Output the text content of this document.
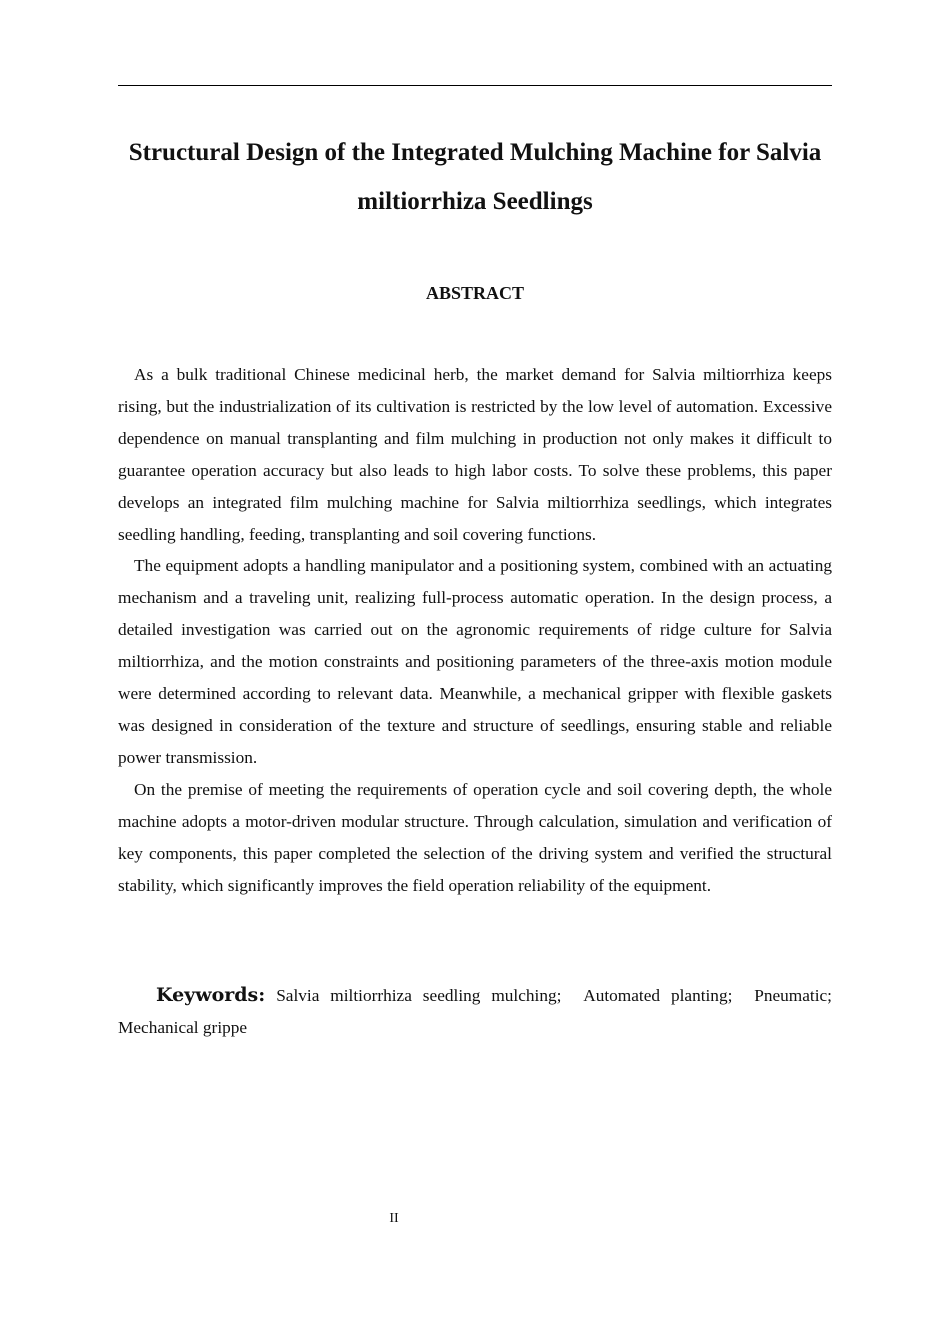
Structural Design of the Integrated Mulching Machine for Salvia miltiorrhiza Seedlings
ABSTRACT

As a bulk traditional Chinese medicinal herb, the market demand for Salvia miltiorrhiza keeps rising, but the industrialization of its cultivation is restricted by the low level of automation. Excessive dependence on manual transplanting and film mulching in production not only makes it difficult to guarantee operation accuracy but also leads to high labor costs. To solve these problems, this paper develops an integrated film mulching machine for Salvia miltiorrhiza seedlings, which integrates seedling handling, feeding, transplanting and soil covering functions.

The equipment adopts a handling manipulator and a positioning system, combined with an actuating mechanism and a traveling unit, realizing full-process automatic operation. In the design process, a detailed investigation was carried out on the agronomic requirements of ridge culture for Salvia miltiorrhiza, and the motion constraints and positioning parameters of the three-axis motion module were determined according to relevant data. Meanwhile, a mechanical gripper with flexible gaskets was designed in consideration of the texture and structure of seedlings, ensuring stable and reliable power transmission.

On the premise of meeting the requirements of operation cycle and soil covering depth, the whole machine adopts a motor-driven modular structure. Through calculation, simulation and verification of key components, this paper completed the selection of the driving system and verified the structural stability, which significantly improves the field operation reliability of the equipment.

Keywords: Salvia miltiorrhiza seedling mulching;  Automated planting;  Pneumatic; Mechanical grippe

II
